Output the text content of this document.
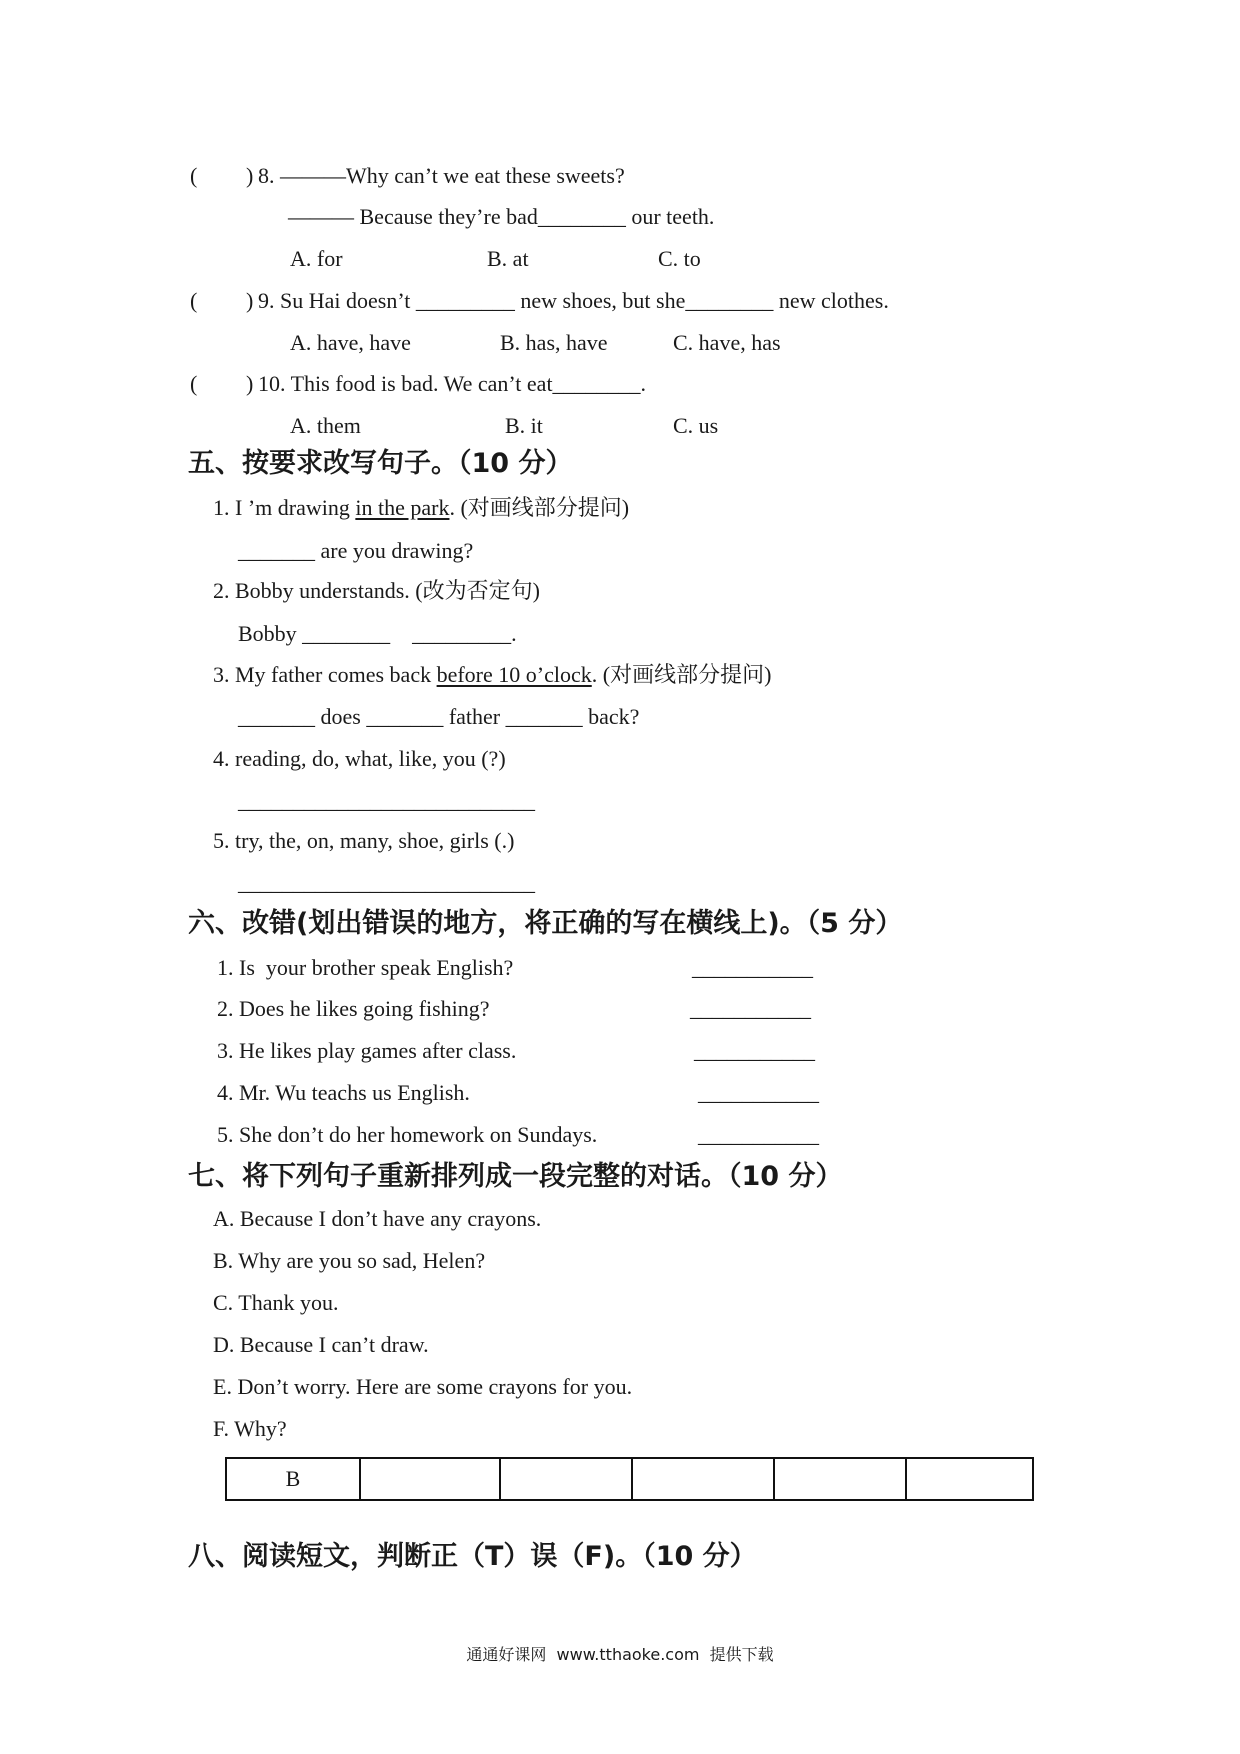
( ) 8. ———Why can’t we eat these sweets?
——— Because they’re bad________ our teeth.
A. for	B. at	C. to
( ) 9. Su Hai doesn’t _________ new shoes, but she________ new clothes.
A. have, have	B. has, have	C. have, has
( ) 10. This food is bad. We can’t eat________.
A. them	B. it	C. us
五、按要求改写句子。（10 分）
1. I ’m drawing in the park. (对画线部分提问)
_______ are you drawing?
2. Bobby understands. (改为否定句)
Bobby ________    _________.
3. My father comes back before 10 o’clock. (对画线部分提问)
_______ does _______ father _______ back?
4. reading, do, what, like, you (?)
___________________________
5. try, the, on, many, shoe, girls (.)
___________________________
六、改错(划出错误的地方，将正确的写在横线上)。（5 分）
1. Is  your brother speak English?	___________
2. Does he likes going fishing?	___________
3. He likes play games after class.	___________
4. Mr. Wu teachs us English.	___________
5. She don’t do her homework on Sundays.	___________
七、将下列句子重新排列成一段完整的对话。（10 分）
A. Because I don’t have any crayons.
B. Why are you so sad, Helen?
C. Thank you.
D. Because I can’t draw.
E. Don’t worry. Here are some crayons for you.
F. Why?
B					
八、阅读短文，判断正（T）误（F)。（10 分）
通通好课网  www.tthaoke.com  提供下载
